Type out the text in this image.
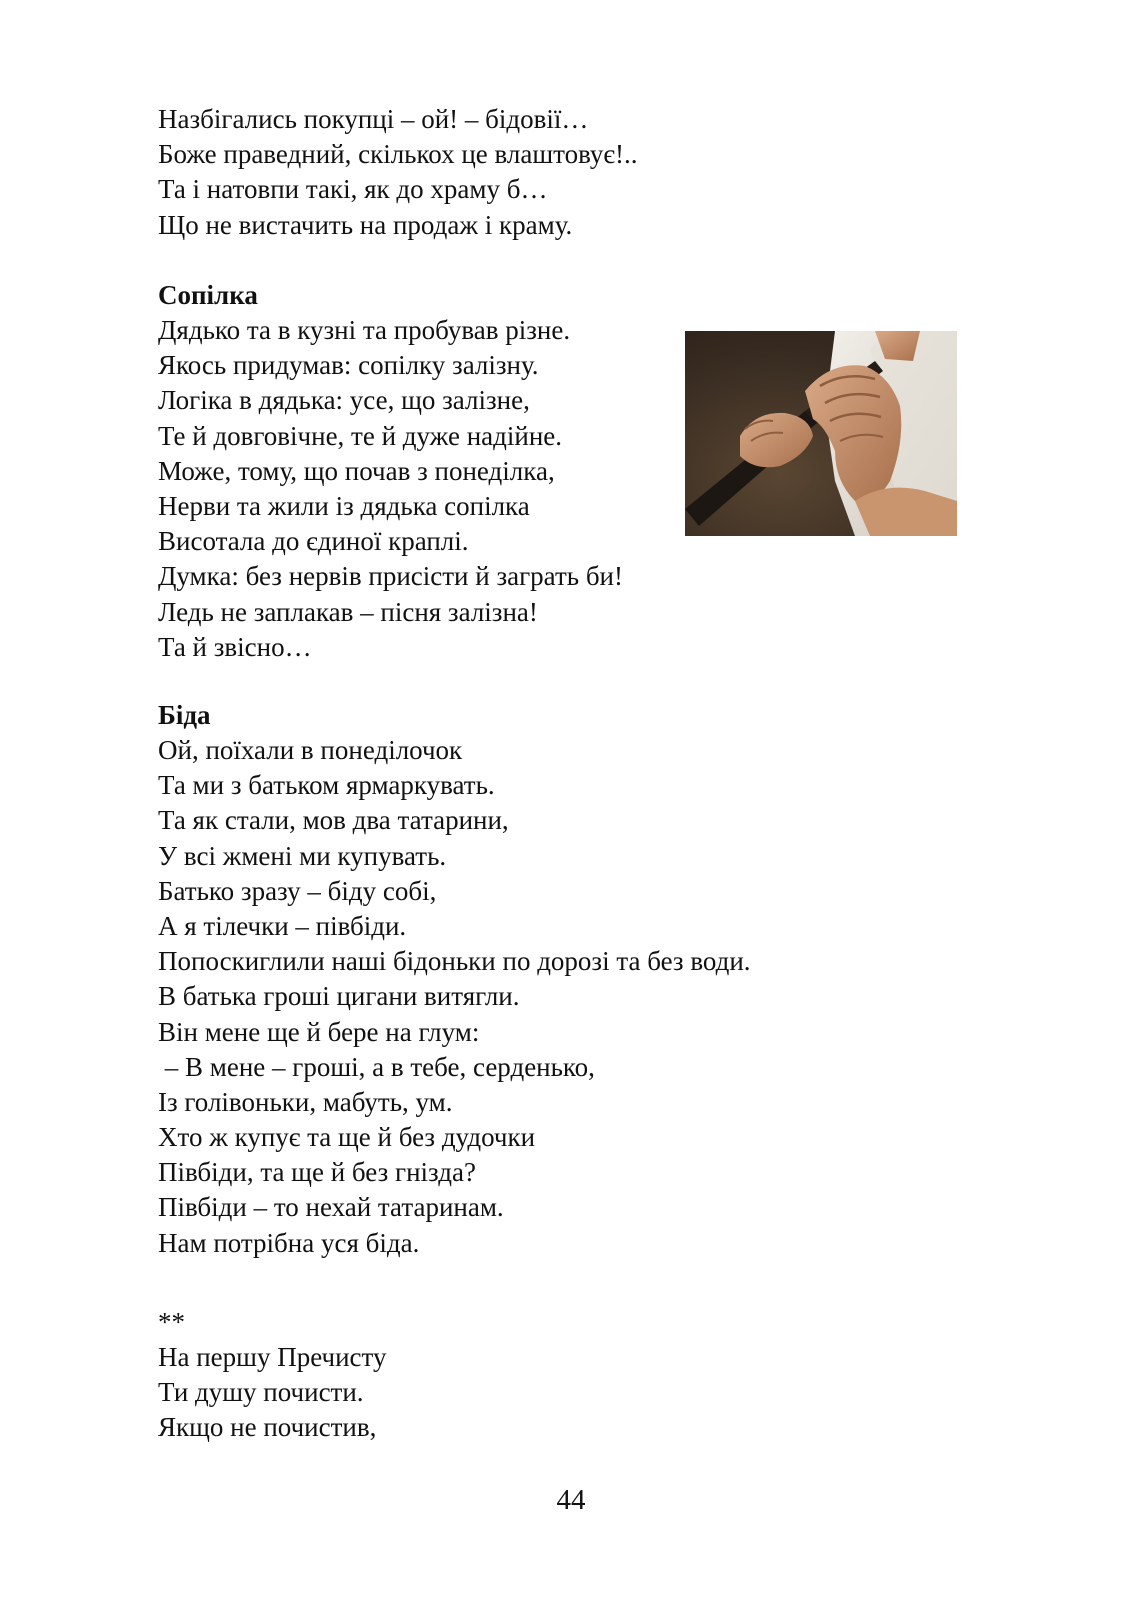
Назбігались покупці – ой! – бідовії…
Боже праведний, скількох це влаштовує!..
Та і натовпи такі, як до храму б…
Що не вистачить на продаж і краму.
Сопілка
Дядько та в кузні та пробував різне.
Якось придумав: сопілку залізну.
Логіка в дядька: усе, що залізне,
Те й довговічне, те й дуже надійне.
Може, тому, що почав з понеділка,
Нерви та жили із дядька сопілка
Висотала до єдиної краплі.
Думка: без нервів присісти й заграть би!
Ледь не заплакав – пісня залізна!
Та й звісно…
Біда
Ой, поїхали в понеділочок
Та ми з батьком ярмаркувать.
Та як стали, мов два татарини,
У всі жмені ми купувать.
Батько зразу – біду собі,
А я тілечки – півбіди.
Попоскиглили наші бідоньки по дорозі та без води.
В батька гроші цигани витягли.
Він мене ще й бере на глум:
– В мене – гроші, а в тебе, серденько,
Із голівоньки, мабуть, ум.
Хто ж купує та ще й без дудочки
Півбіди, та ще й без гнізда?
Півбіди – то нехай татаринам.
Нам потрібна уся біда.
**
На першу Пречисту
Ти душу почисти.
Якщо не почистив,
44
